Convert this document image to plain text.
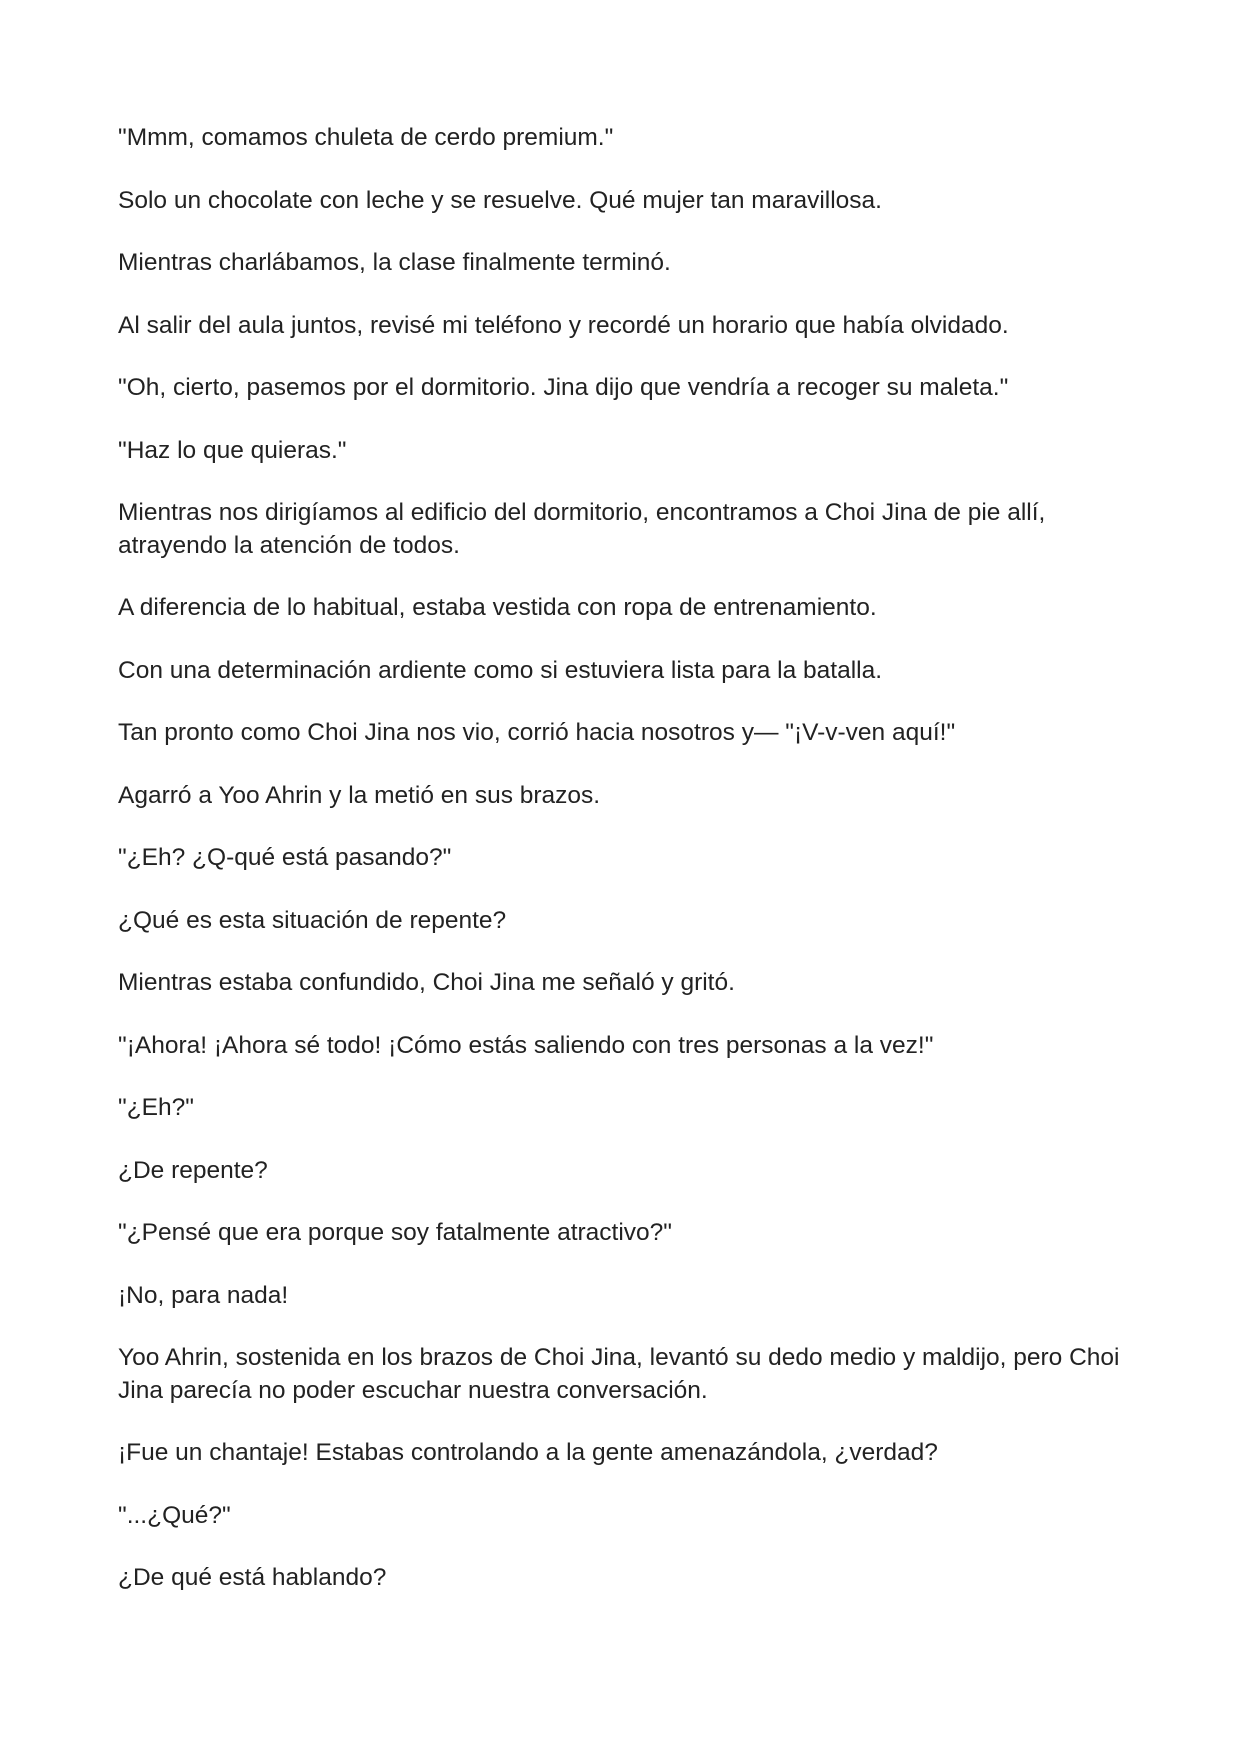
"Mmm, comamos chuleta de cerdo premium."

Solo un chocolate con leche y se resuelve. Qué mujer tan maravillosa.

Mientras charlábamos, la clase finalmente terminó.

Al salir del aula juntos, revisé mi teléfono y recordé un horario que había olvidado.

"Oh, cierto, pasemos por el dormitorio. Jina dijo que vendría a recoger su maleta."

"Haz lo que quieras."

Mientras nos dirigíamos al edificio del dormitorio, encontramos a Choi Jina de pie allí, atrayendo la atención de todos.

A diferencia de lo habitual, estaba vestida con ropa de entrenamiento.

Con una determinación ardiente como si estuviera lista para la batalla.

Tan pronto como Choi Jina nos vio, corrió hacia nosotros y— "¡V-v-ven aquí!"

Agarró a Yoo Ahrin y la metió en sus brazos.

"¿Eh? ¿Q-qué está pasando?"

¿Qué es esta situación de repente?

Mientras estaba confundido, Choi Jina me señaló y gritó.

"¡Ahora! ¡Ahora sé todo! ¡Cómo estás saliendo con tres personas a la vez!"

"¿Eh?"

¿De repente?

"¿Pensé que era porque soy fatalmente atractivo?"

¡No, para nada!

Yoo Ahrin, sostenida en los brazos de Choi Jina, levantó su dedo medio y maldijo, pero Choi Jina parecía no poder escuchar nuestra conversación.

¡Fue un chantaje! Estabas controlando a la gente amenazándola, ¿verdad?

"...¿Qué?"

¿De qué está hablando?
